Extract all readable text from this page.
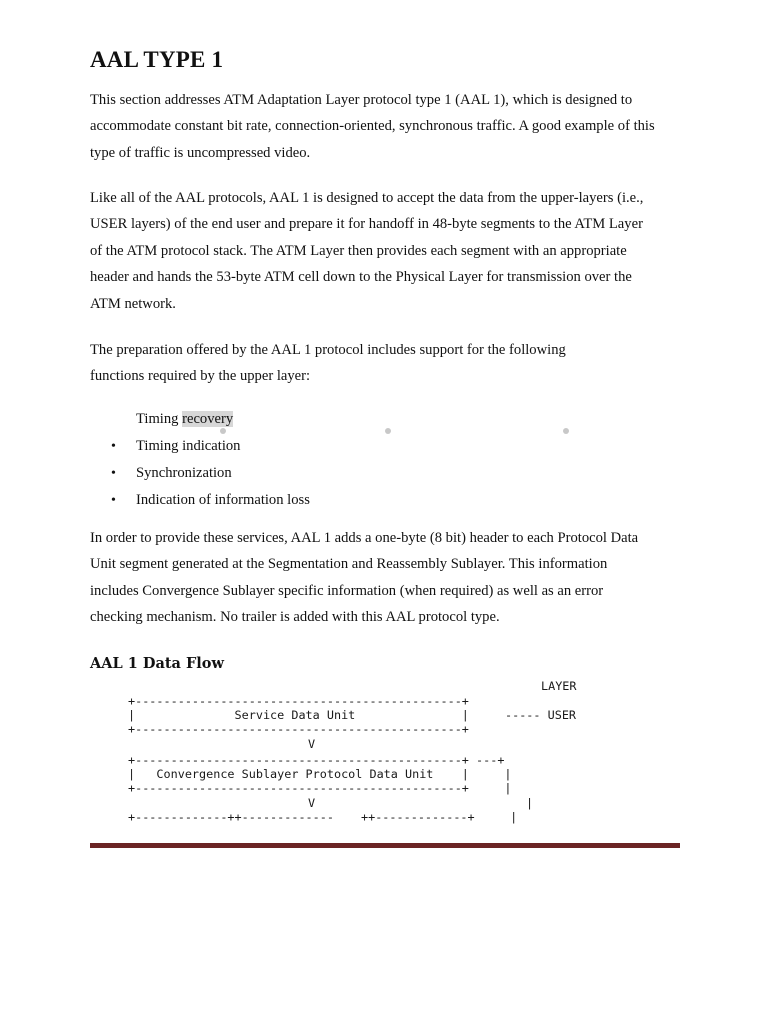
AAL TYPE 1

This section addresses ATM Adaptation Layer protocol type 1 (AAL 1), which is designed to
accommodate constant bit rate, connection-oriented, synchronous traffic. A good example of this
type of traffic is uncompressed video.

Like all of the AAL protocols, AAL 1 is designed to accept the data from the upper-layers (i.e.,
USER layers) of the end user and prepare it for handoff in 48-byte segments to the ATM Layer
of the ATM protocol stack. The ATM Layer then provides each segment with an appropriate
header and hands the 53-byte ATM cell down to the Physical Layer for transmission over the
ATM network.

The preparation offered by the AAL 1 protocol includes support for the following
functions required by the upper layer:

Timing recovery
• Timing indication
• Synchronization
• Indication of information loss

In order to provide these services, AAL 1 adds a one-byte (8 bit) header to each Protocol Data
Unit segment generated at the Segmentation and Reassembly Sublayer. This information
includes Convergence Sublayer specific information (when required) as well as an error
checking mechanism. No trailer is added with this AAL protocol type.

AAL 1 Data Flow
LAYER
+----------------------------------------------+
|              Service Data Unit               |	----- USER
+----------------------------------------------+
V
+----------------------------------------------+ ---+
|   Convergence Sublayer Protocol Data Unit    |     |
+----------------------------------------------+     |
V	|
+-------------++------------- ++-------------+     |
